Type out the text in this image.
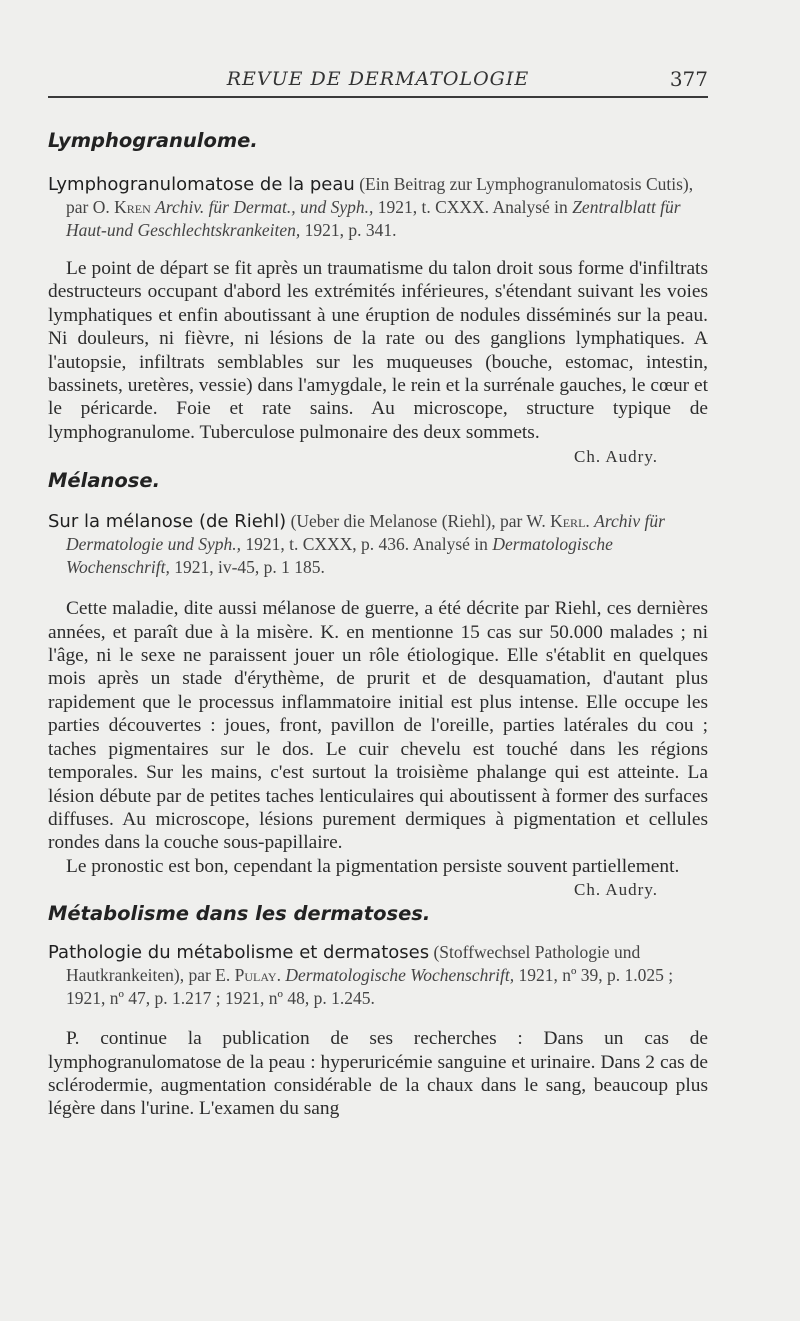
REVUE DE DERMATOLOGIE	377
Lymphogranulome.

Lymphogranulomatose de la peau (Ein Beitrag zur Lymphogranulomatosis Cutis), par O. Kren Archiv. für Dermat., und Syph., 1921, t. CXXX. Analysé in Zentralblatt für Haut-und Geschlechtskrankeiten, 1921, p. 341.

Le point de départ se fit après un traumatisme du talon droit sous forme d'infiltrats destructeurs occupant d'abord les extrémités inférieures, s'étendant suivant les voies lymphatiques et enfin aboutissant à une éruption de nodules disséminés sur la peau. Ni douleurs, ni fièvre, ni lésions de la rate ou des ganglions lymphatiques. A l'autopsie, infiltrats semblables sur les muqueuses (bouche, estomac, intestin, bassinets, uretères, vessie) dans l'amygdale, le rein et la surrénale gauches, le cœur et le péricarde. Foie et rate sains. Au microscope, structure typique de lymphogranulome. Tuberculose pulmonaire des deux sommets.

Ch. Audry.

Mélanose.

Sur la mélanose (de Riehl) (Ueber die Melanose (Riehl), par W. Kerl. Archiv für Dermatologie und Syph., 1921, t. CXXX, p. 436. Analysé in Dermatologische Wochenschrift, 1921, iv-45, p. 1 185.

Cette maladie, dite aussi mélanose de guerre, a été décrite par Riehl, ces dernières années, et paraît due à la misère. K. en mentionne 15 cas sur 50.000 malades ; ni l'âge, ni le sexe ne paraissent jouer un rôle étiologique. Elle s'établit en quelques mois après un stade d'érythème, de prurit et de desquamation, d'autant plus rapidement que le processus inflammatoire initial est plus intense. Elle occupe les parties découvertes : joues, front, pavillon de l'oreille, parties latérales du cou ; taches pigmentaires sur le dos. Le cuir chevelu est touché dans les régions temporales. Sur les mains, c'est surtout la troisième phalange qui est atteinte. La lésion débute par de petites taches lenticulaires qui aboutissent à former des surfaces diffuses. Au microscope, lésions purement dermiques à pigmentation et cellules rondes dans la couche sous-papillaire.

Le pronostic est bon, cependant la pigmentation persiste souvent partiellement.

Ch. Audry.

Métabolisme dans les dermatoses.

Pathologie du métabolisme et dermatoses (Stoffwechsel Pathologie und Hautkrankeiten), par E. Pulay. Dermatologische Wochenschrift, 1921, nº 39, p. 1.025 ; 1921, nº 47, p. 1.217 ; 1921, nº 48, p. 1.245.

P. continue la publication de ses recherches : Dans un cas de lymphogranulomatose de la peau : hyperuricémie sanguine et urinaire. Dans 2 cas de sclérodermie, augmentation considérable de la chaux dans le sang, beaucoup plus légère dans l'urine. L'examen du sang
